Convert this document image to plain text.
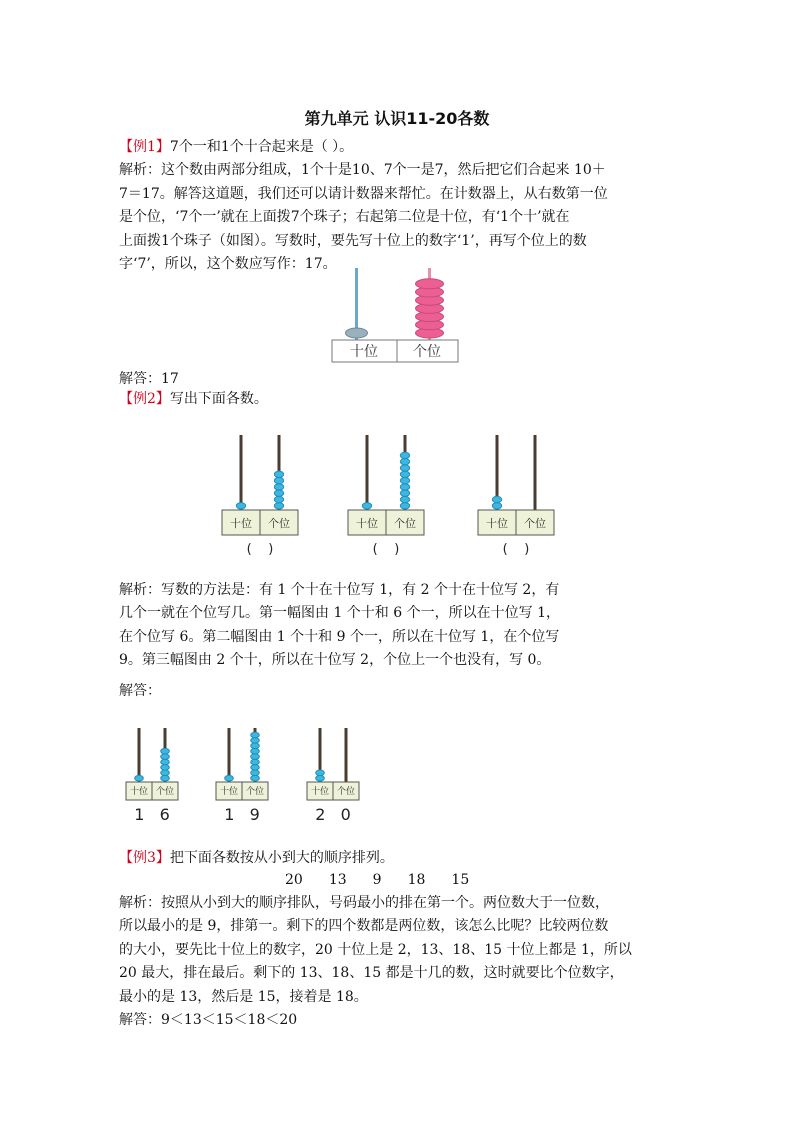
第九单元 认识11-20各数
【例1】7个一和1个十合起来是（ ）。
解析：这个数由两部分组成，1个十是10、7个一是7，然后把它们合起来 10＋
7＝17。解答这道题，我们还可以请计数器来帮忙。在计数器上，从右数第一位
是个位，‘7个一’就在上面拨7个珠子；右起第二位是十位，有‘1个十’就在
上面拨1个珠子（如图）。写数时，要先写十位上的数字‘1’，再写个位上的数
字‘7’，所以，这个数应写作：17。
十位	个位
解答：17
【例2】写出下面各数。
十位 个位
(    )
十位 个位
(    )
十位 个位
(    )
解析：写数的方法是：有 1 个十在十位写 1，有 2 个十在十位写 2，有
几个一就在个位写几。第一幅图由 1 个十和 6 个一，所以在十位写 1，
在个位写 6。第二幅图由 1 个十和 9 个一，所以在十位写 1，在个位写
9。第三幅图由 2 个十，所以在十位写 2，个位上一个也没有，写 0。
解答：
十位 个位
1   6
十位 个位
1   9
十位 个位
2   0
【例3】把下面各数按从小到大的顺序排列。
20 13 9 18 15
解析：按照从小到大的顺序排队，号码最小的排在第一个。两位数大于一位数，
所以最小的是 9，排第一。剩下的四个数都是两位数，该怎么比呢？比较两位数
的大小，要先比十位上的数字，20 十位上是 2，13、18、15 十位上都是 1，所以
20 最大，排在最后。剩下的 13、18、15 都是十几的数，这时就要比个位数字，
最小的是 13，然后是 15，接着是 18。
解答：9＜13＜15＜18＜20
